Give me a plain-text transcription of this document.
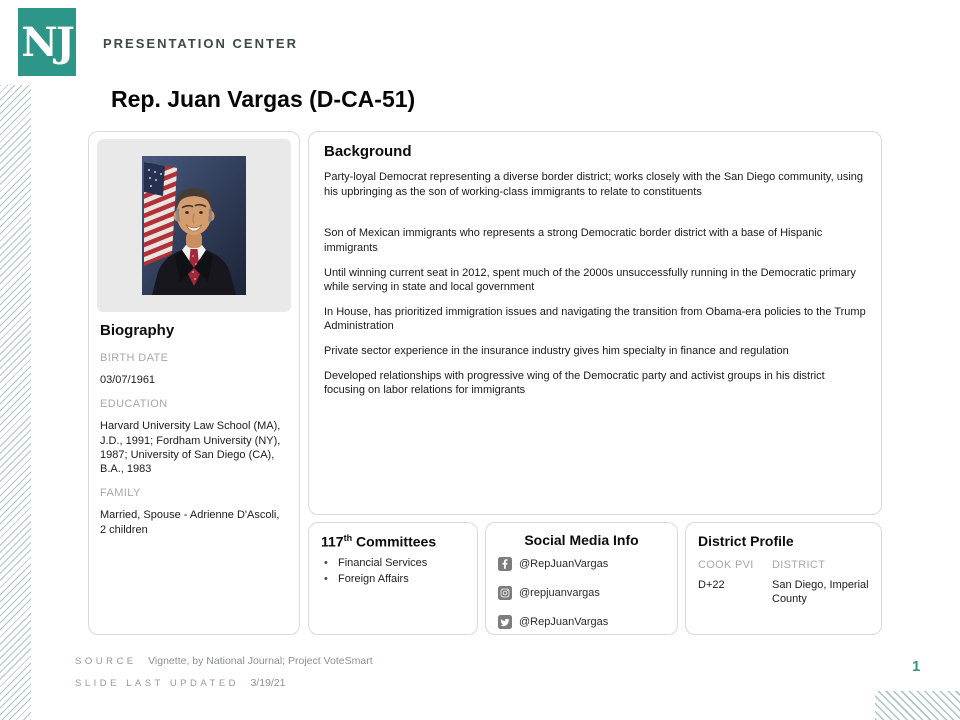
NJ PRESENTATION CENTER
Rep. Juan Vargas (D-CA-51)
Biography
BIRTH DATE
03/07/1961
EDUCATION
Harvard University Law School (MA), J.D., 1991; Fordham University (NY), 1987; University of San Diego (CA), B.A., 1983
FAMILY
Married, Spouse - Adrienne D'Ascoli, 2 children
Background

Party-loyal Democrat representing a diverse border district; works closely with the San Diego community, using his upbringing as the son of working-class immigrants to relate to constituents

Son of Mexican immigrants who represents a strong Democratic border district with a base of Hispanic immigrants

Until winning current seat in 2012, spent much of the 2000s unsuccessfully running in the Democratic primary while serving in state and local government

In House, has prioritized immigration issues and navigating the transition from Obama-era policies to the Trump Administration

Private sector experience in the insurance industry gives him specialty in finance and regulation

Developed relationships with progressive wing of the Democratic party and activist groups in his district focusing on labor relations for immigrants

117th Committees
• Financial Services
• Foreign Affairs
Social Media Info
@RepJuanVargas
@repjuanvargas
@RepJuanVargas
District Profile
COOK PVI	DISTRICT
D+22	San Diego, Imperial County
SOURCE Vignette, by National Journal; Project VoteSmart
SLIDE LAST UPDATED 3/19/21
1
